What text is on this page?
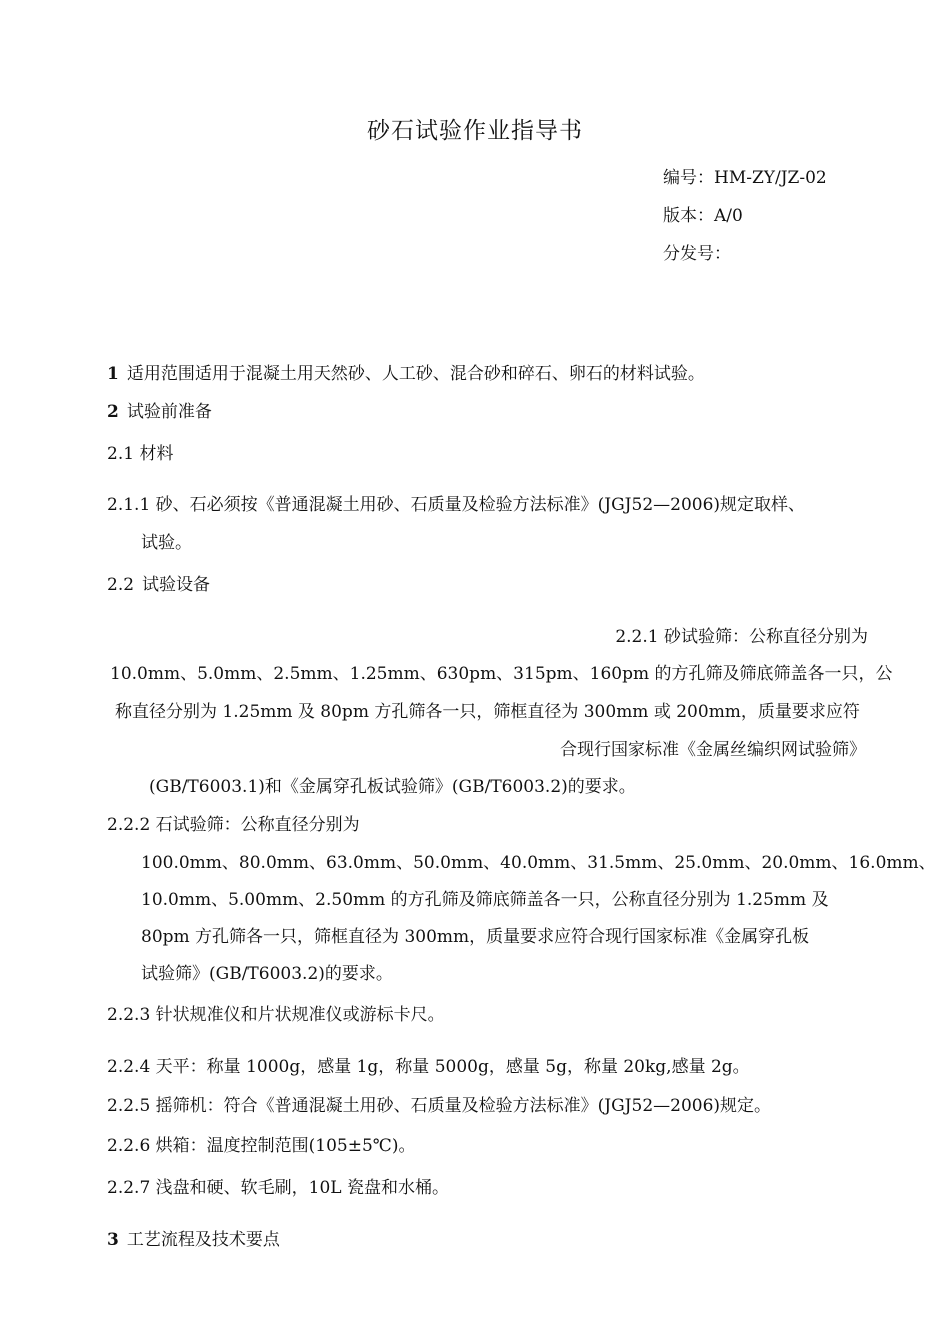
砂石试验作业指导书
编号：HM-ZY/JZ-02
版本：A/0
分发号：
1 适用范围适用于混凝土用天然砂、人工砂、混合砂和碎石、卵石的材料试验。
2 试验前准备
2.1 材料
2.1.1 砂、石必须按《普通混凝土用砂、石质量及检验方法标准》(JGJ52—2006)规定取样、
试验。
2.2 试验设备
2.2.1 砂试验筛：公称直径分别为
10.0mm、5.0mm、2.5mm、1.25mm、630pm、315pm、160pm 的方孔筛及筛底筛盖各一只，公
称直径分别为 1.25mm 及 80pm 方孔筛各一只，筛框直径为 300mm 或 200mm，质量要求应符
合现行国家标准《金属丝编织网试验筛》
(GB/T6003.1)和《金属穿孔板试验筛》(GB/T6003.2)的要求。
2.2.2 石试验筛：公称直径分别为
100.0mm、80.0mm、63.0mm、50.0mm、40.0mm、31.5mm、25.0mm、20.0mm、16.0mm、
10.0mm、5.00mm、2.50mm 的方孔筛及筛底筛盖各一只，公称直径分别为 1.25mm 及
80pm 方孔筛各一只，筛框直径为 300mm，质量要求应符合现行国家标准《金属穿孔板
试验筛》(GB/T6003.2)的要求。
2.2.3 针状规准仪和片状规准仪或游标卡尺。
2.2.4 天平：称量 1000g，感量 1g，称量 5000g，感量 5g，称量 20kg,感量 2g。
2.2.5 摇筛机：符合《普通混凝土用砂、石质量及检验方法标准》(JGJ52—2006)规定。
2.2.6 烘箱：温度控制范围(105±5℃)。
2.2.7 浅盘和硬、软毛刷，10L 瓷盘和水桶。
3 工艺流程及技术要点
